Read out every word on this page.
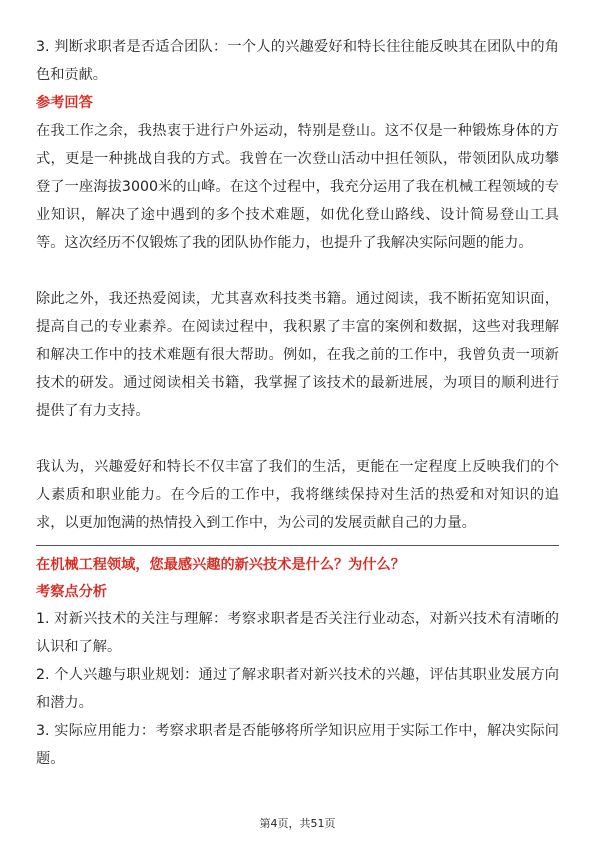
3. 判断求职者是否适合团队：一个人的兴趣爱好和特长往往能反映其在团队中的角色和贡献。

参考回答

在我工作之余，我热衷于进行户外运动，特别是登山。这不仅是一种锻炼身体的方式，更是一种挑战自我的方式。我曾在一次登山活动中担任领队，带领团队成功攀登了一座海拔3000米的山峰。在这个过程中，我充分运用了我在机械工程领域的专业知识，解决了途中遇到的多个技术难题，如优化登山路线、设计简易登山工具等。这次经历不仅锻炼了我的团队协作能力，也提升了我解决实际问题的能力。

除此之外，我还热爱阅读，尤其喜欢科技类书籍。通过阅读，我不断拓宽知识面，提高自己的专业素养。在阅读过程中，我积累了丰富的案例和数据，这些对我理解和解决工作中的技术难题有很大帮助。例如，在我之前的工作中，我曾负责一项新技术的研发。通过阅读相关书籍，我掌握了该技术的最新进展，为项目的顺利进行提供了有力支持。

我认为，兴趣爱好和特长不仅丰富了我们的生活，更能在一定程度上反映我们的个人素质和职业能力。在今后的工作中，我将继续保持对生活的热爱和对知识的追求，以更加饱满的热情投入到工作中，为公司的发展贡献自己的力量。

在机械工程领域，您最感兴趣的新兴技术是什么？为什么？

考察点分析

1. 对新兴技术的关注与理解：考察求职者是否关注行业动态，对新兴技术有清晰的认识和了解。

2. 个人兴趣与职业规划：通过了解求职者对新兴技术的兴趣，评估其职业发展方向和潜力。

3. 实际应用能力：考察求职者是否能够将所学知识应用于实际工作中，解决实际问题。

第4页，共51页
